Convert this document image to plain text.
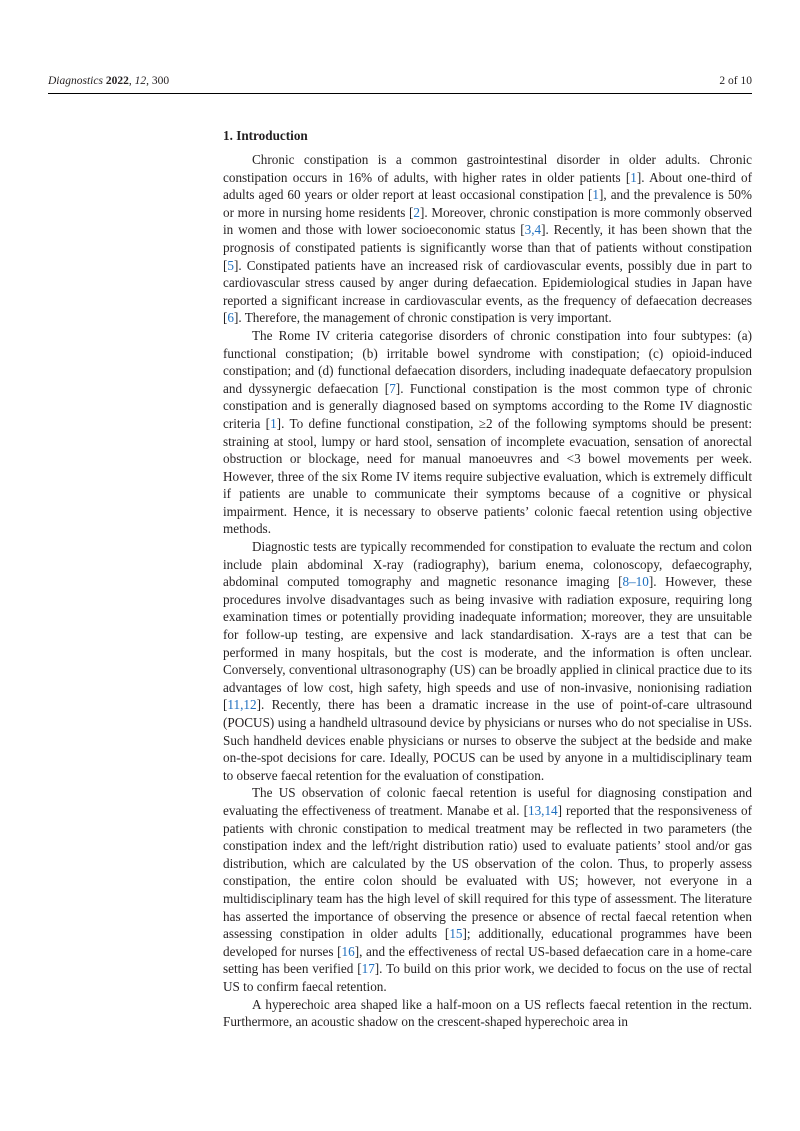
Diagnostics 2022, 12, 300	2 of 10
1. Introduction

Chronic constipation is a common gastrointestinal disorder in older adults. Chronic constipation occurs in 16% of adults, with higher rates in older patients [1]. About one-third of adults aged 60 years or older report at least occasional constipation [1], and the prevalence is 50% or more in nursing home residents [2]. Moreover, chronic constipation is more commonly observed in women and those with lower socioeconomic status [3,4]. Recently, it has been shown that the prognosis of constipated patients is significantly worse than that of patients without constipation [5]. Constipated patients have an increased risk of cardiovascular events, possibly due in part to cardiovascular stress caused by anger during defaecation. Epidemiological studies in Japan have reported a significant increase in cardiovascular events, as the frequency of defaecation decreases [6]. Therefore, the management of chronic constipation is very important.

The Rome IV criteria categorise disorders of chronic constipation into four subtypes: (a) functional constipation; (b) irritable bowel syndrome with constipation; (c) opioid-induced constipation; and (d) functional defaecation disorders, including inadequate defaecatory propulsion and dyssynergic defaecation [7]. Functional constipation is the most common type of chronic constipation and is generally diagnosed based on symptoms according to the Rome IV diagnostic criteria [1]. To define functional constipation, ≥2 of the following symptoms should be present: straining at stool, lumpy or hard stool, sensation of incomplete evacuation, sensation of anorectal obstruction or blockage, need for manual manoeuvres and <3 bowel movements per week. However, three of the six Rome IV items require subjective evaluation, which is extremely difficult if patients are unable to communicate their symptoms because of a cognitive or physical impairment. Hence, it is necessary to observe patients’ colonic faecal retention using objective methods.

Diagnostic tests are typically recommended for constipation to evaluate the rectum and colon include plain abdominal X-ray (radiography), barium enema, colonoscopy, defaecography, abdominal computed tomography and magnetic resonance imaging [8–10]. However, these procedures involve disadvantages such as being invasive with radiation exposure, requiring long examination times or potentially providing inadequate information; moreover, they are unsuitable for follow-up testing, are expensive and lack standardisation. X-rays are a test that can be performed in many hospitals, but the cost is moderate, and the information is often unclear. Conversely, conventional ultrasonography (US) can be broadly applied in clinical practice due to its advantages of low cost, high safety, high speeds and use of non-invasive, nonionising radiation [11,12]. Recently, there has been a dramatic increase in the use of point-of-care ultrasound (POCUS) using a handheld ultrasound device by physicians or nurses who do not specialise in USs. Such handheld devices enable physicians or nurses to observe the subject at the bedside and make on-the-spot decisions for care. Ideally, POCUS can be used by anyone in a multidisciplinary team to observe faecal retention for the evaluation of constipation.

The US observation of colonic faecal retention is useful for diagnosing constipation and evaluating the effectiveness of treatment. Manabe et al. [13,14] reported that the responsiveness of patients with chronic constipation to medical treatment may be reflected in two parameters (the constipation index and the left/right distribution ratio) used to evaluate patients’ stool and/or gas distribution, which are calculated by the US observation of the colon. Thus, to properly assess constipation, the entire colon should be evaluated with US; however, not everyone in a multidisciplinary team has the high level of skill required for this type of assessment. The literature has asserted the importance of observing the presence or absence of rectal faecal retention when assessing constipation in older adults [15]; additionally, educational programmes have been developed for nurses [16], and the effectiveness of rectal US-based defaecation care in a home-care setting has been verified [17]. To build on this prior work, we decided to focus on the use of rectal US to confirm faecal retention.

A hyperechoic area shaped like a half-moon on a US reflects faecal retention in the rectum. Furthermore, an acoustic shadow on the crescent-shaped hyperechoic area in
